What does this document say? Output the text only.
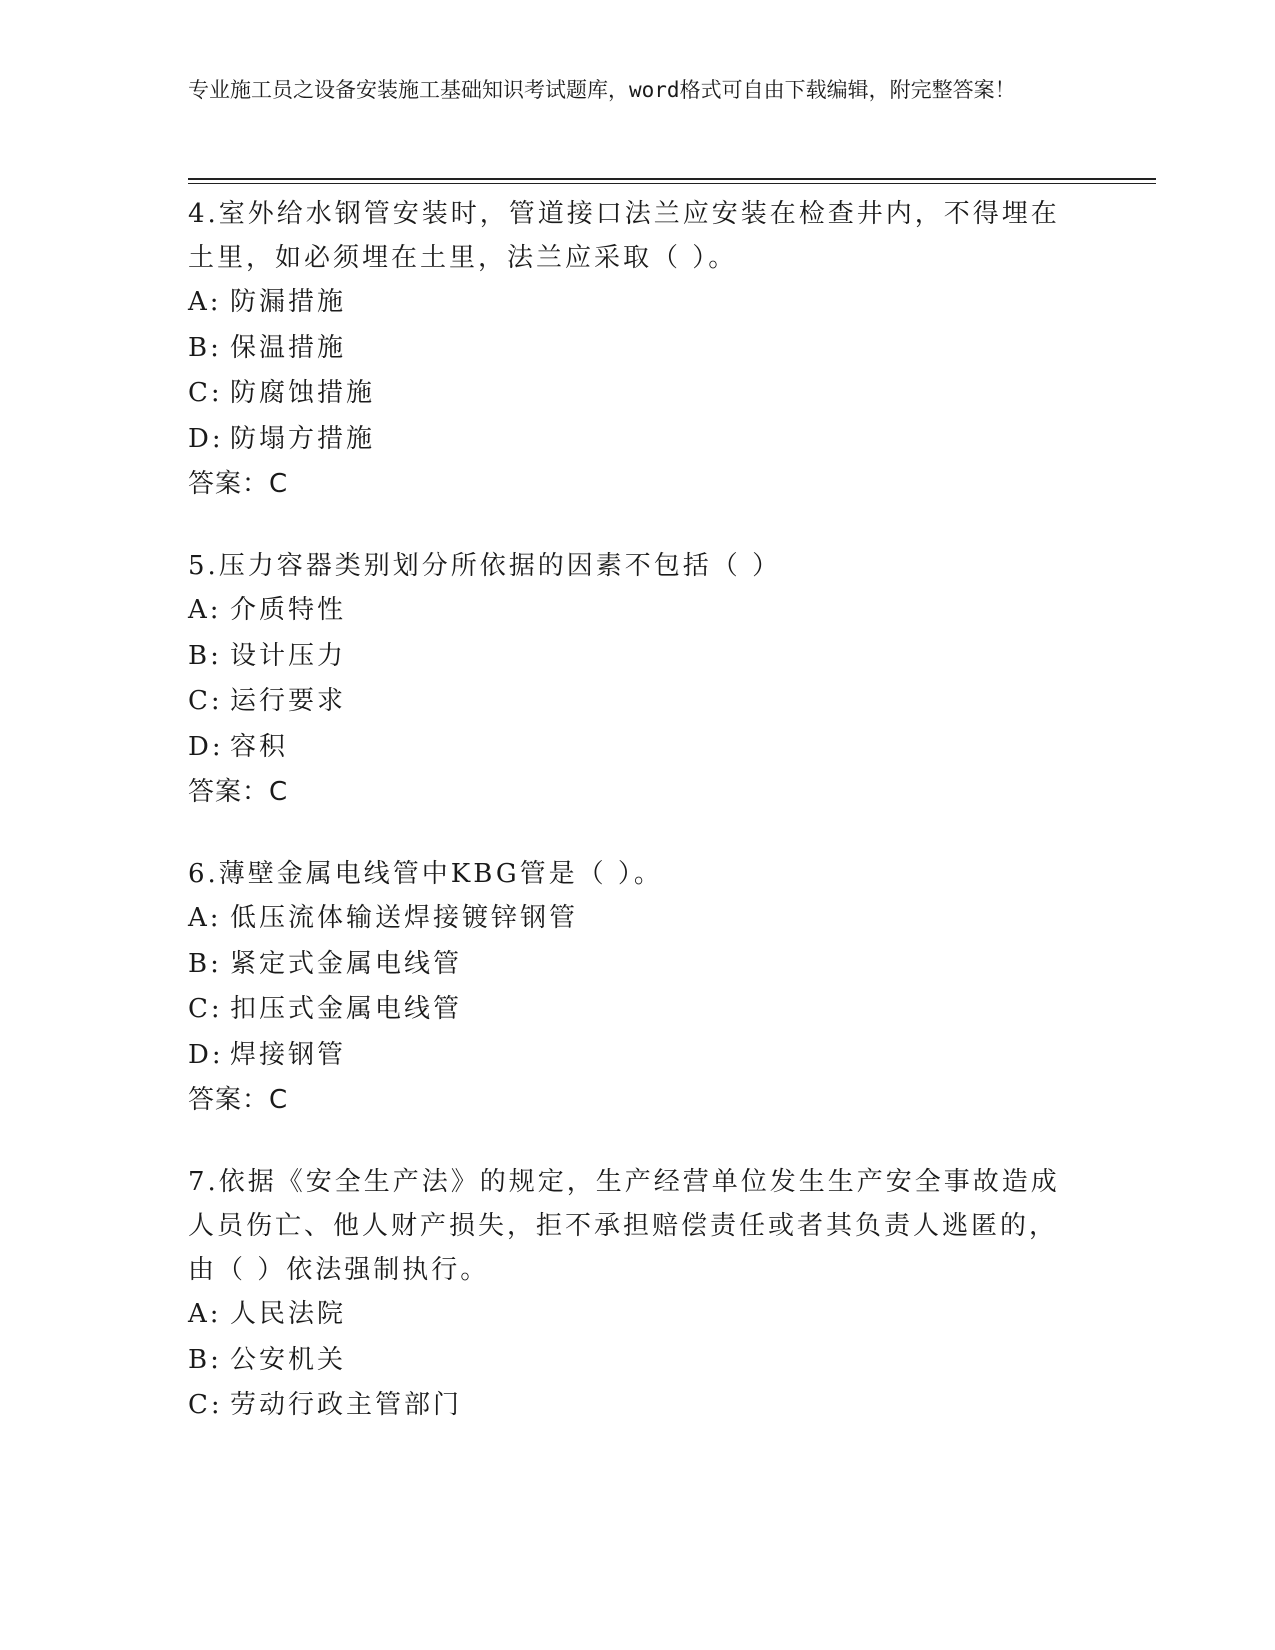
专业施工员之设备安装施工基础知识考试题库，word格式可自由下载编辑，附完整答案！

4.室外给水钢管安装时，管道接口法兰应安装在检查井内，不得埋在土里，如必须埋在土里，法兰应采取（ ）。

A: 防漏措施
B: 保温措施
C: 防腐蚀措施
D: 防塌方措施
答案：C

5.压力容器类别划分所依据的因素不包括（ ）

A: 介质特性
B: 设计压力
C: 运行要求
D: 容积
答案：C

6.薄壁金属电线管中KBG管是（ ）。

A: 低压流体输送焊接镀锌钢管
B: 紧定式金属电线管
C: 扣压式金属电线管
D: 焊接钢管
答案：C

7.依据《安全生产法》的规定，生产经营单位发生生产安全事故造成人员伤亡、他人财产损失，拒不承担赔偿责任或者其负责人逃匿的，由（ ）依法强制执行。

A: 人民法院
B: 公安机关
C: 劳动行政主管部门
